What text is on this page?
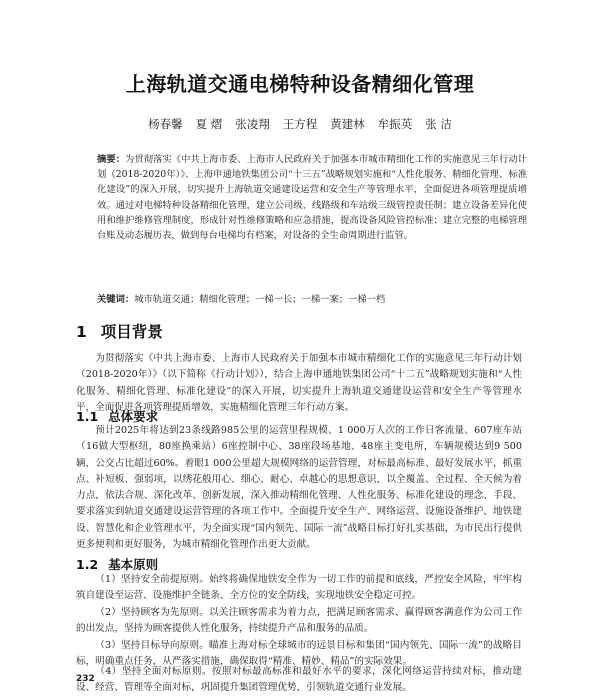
上海轨道交通电梯特种设备精细化管理
杨春馨 夏 熠 张凌翔 王方程 黄建林 牟振英 张 洁
摘要：为贯彻落实《中共上海市委、上海市人民政府关于加强本市城市精细化工作的实施意见三年行动计划（2018-2020年）》、上海申通地铁集团公司“十三五”战略规划实施和“人性化服务、精细化管理、标准化建设”的深入开展，切实提升上海轨道交通建设运营和安全生产等管理水平，全面促进各项管理提质增效。通过对电梯特种设备精细化管理，建立公司级、线路级和车站级三级管控责任制；建立设备差异化使用和维护维修管理制度，形成针对性维修策略和应急措施，提高设备风险管控标准；建立完整的电梯管理台账及动态履历表，做到每台电梯均有档案，对设备的全生命周期进行监管。
关键词：城市轨道交通；精细化管理；一梯一长；一梯一案；一梯一档
1 项目背景
为贯彻落实《中共上海市委、上海市人民政府关于加强本市城市精细化工作的实施意见三年行动计划（2018-2020年）》（以下简称《行动计划》），结合上海申通地铁集团公司“十二五”战略规划实施和“人性化服务、精细化管理、标准化建设”的深入开展，切实提升上海轨道交通建设运营和安全生产等管理水平，全面促进各项管理提质增效，实施精细化管理三年行动方案。
1.1 总体要求
预计2025年将达到23条线路985公里的运营里程规模、1 000万人次的工作日客流量、607座车站（16做大型枢纽，80座换乘站）6座控制中心、38座段场基地、48座主变电所，车辆规模达到9 500辆，公交占比超过60%。着眼1 000公里超大规模网络的运营管理，对标最高标准、最好发展水平，抓重点、补短板、强弱项，以绣花般用心、细心、耐心、卓越心的思想意识，以全覆盖、全过程、全天候为着力点，依法合规、深化改革、创新发展，深入推动精细化管理、人性化服务、标准化建设的理念、手段、要求落实到轨道交通建设运营管理的各项工作中。全面提升安全生产、网络运营、设施设备维护、地铁建设、智慧化和企业管理水平，为全面实现“国内领先、国际一流”战略目标打好扎实基础，为市民出行提供更多便利和更好服务，为城市精细化管理作出更大贡献。
1.2 基本原则
（1）坚持安全前提原则。始终将确保地铁安全作为一切工作的前提和底线，严控安全风险，牢牢构筑自建设至运营、设施维护全链条、全方位的安全防线，实现地铁安全稳定可控。
（2）坚持顾客为先原则。以关注顾客需求为着力点，把满足顾客需求、赢得顾客满意作为公司工作的出发点，坚持为顾客提供人性化服务，持续提升产品和服务的品质。
（3）坚持目标导向原则。瞄准上海对标全球城市的远景目标和集团“国内领先、国际一流”的战略目标，明确重点任务，从严落实措施，确保取得“精准、精妙、精品”的实际效果。
（4）坚持全面对标原则。按照对标最高标准和最好水平的要求，深化网络运营持续对标，推动建设、经营、管理等全面对标，巩固提升集团管理优势，引领轨道交通行业发展。
232
